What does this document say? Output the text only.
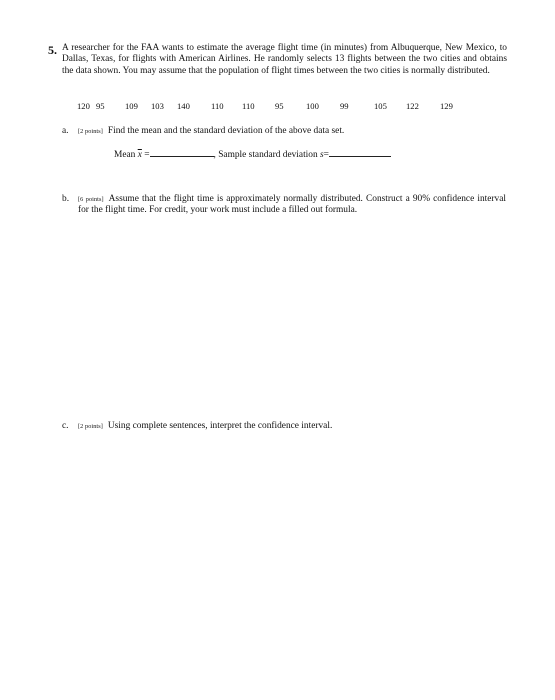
5. A researcher for the FAA wants to estimate the average flight time (in minutes) from Albuquerque, New Mexico, to Dallas, Texas, for flights with American Airlines. He randomly selects 13 flights between the two cities and obtains the data shown. You may assume that the population of flight times between the two cities is normally distributed.
120 95 109 103 140 110 110 95	100 99	105 122 129
a. [2 points] Find the mean and the standard deviation of the above data set.
Mean $\overline{x}$ =	, Sample standard deviation s=
b. [6 points] Assume that the flight time is approximately normally distributed. Construct a 90% confidence interval for the flight time. For credit, your work must include a filled out formula.
c. [2 points] Using complete sentences, interpret the confidence interval.
